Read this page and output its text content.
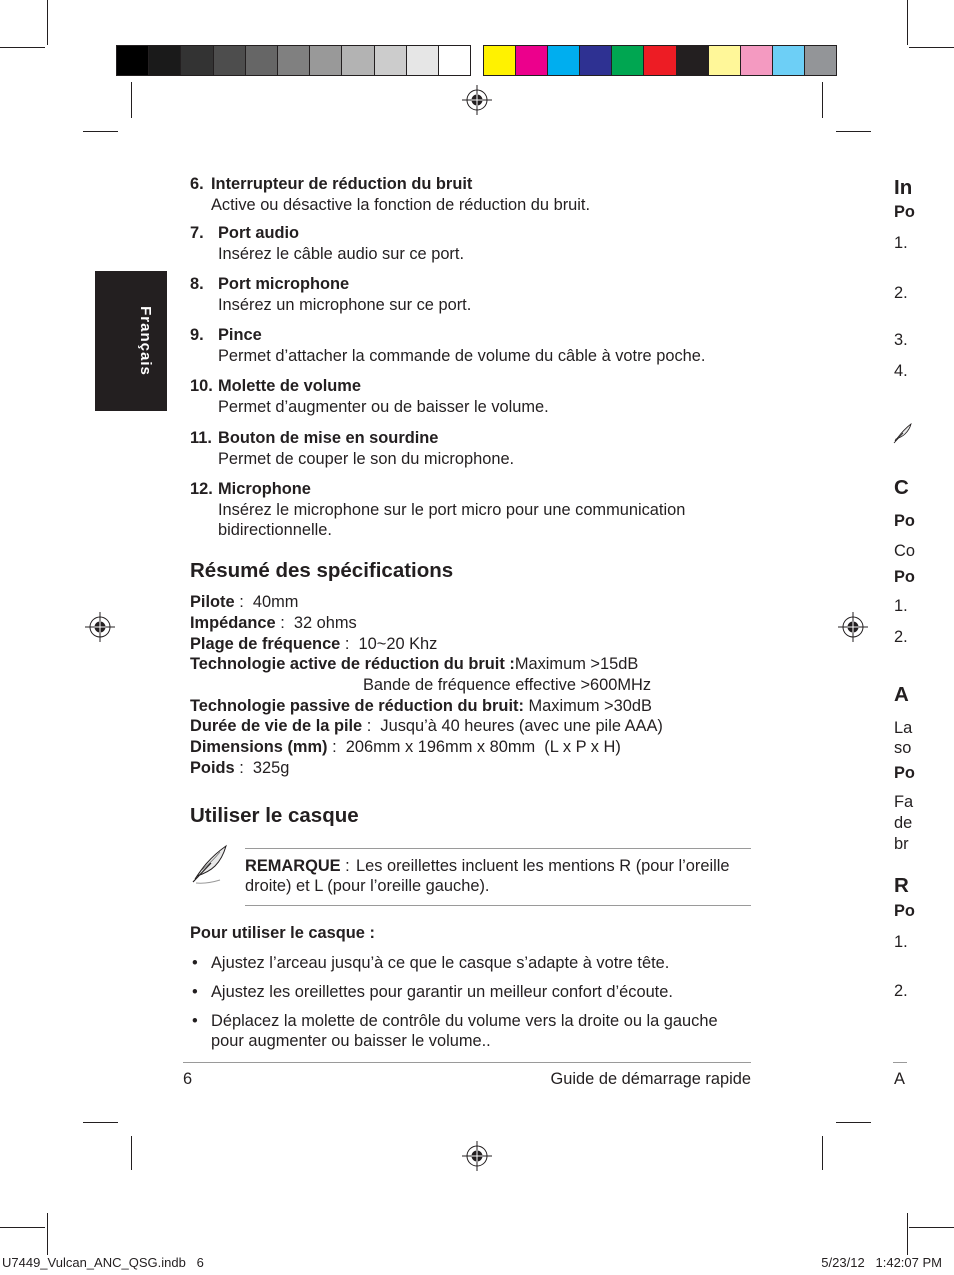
Français
6. Interrupteur de réduction du bruit
Active ou désactive la fonction de réduction du bruit.
7. Port audio
Insérez le câble audio sur ce port.
8. Port microphone
Insérez un microphone sur ce port.
9. Pince
Permet d’attacher la commande de volume du câble à votre poche.
10. Molette de volume
Permet d’augmenter ou de baisser le volume.
11. Bouton de mise en sourdine
Permet de couper le son du microphone.
12. Microphone
Insérez le microphone sur le port micro pour une communication
bidirectionnelle.
Résumé des spécifications
Pilote :  40mm
Impédance :  32 ohms
Plage de fréquence :  10~20 Khz
Technologie active de réduction du bruit :Maximum >15dB
Bande de fréquence effective >600MHz
Technologie passive de réduction du bruit: Maximum >30dB
Durée de vie de la pile :  Jusqu’à 40 heures (avec une pile AAA)
Dimensions (mm) :  206mm x 196mm x 80mm  (L x P x H)
Poids :  325g
Utiliser le casque
REMARQUE : Les oreillettes incluent les mentions R (pour l’oreille
droite) et L (pour l’oreille gauche).
Pour utiliser le casque :
• Ajustez l’arceau jusqu’à ce que le casque s’adapte à votre tête.
• Ajustez les oreillettes pour garantir un meilleur confort d’écoute.
• Déplacez la molette de contrôle du volume vers la droite ou la gauche
pour augmenter ou baisser le volume..
6	Guide de démarrage rapide
In
Po
1.
2.
3.
4.
C
Po
Co
Po
1.
2.
A
La
so
Po
Fa
de
br
R
Po
1.
2.
A
U7449_Vulcan_ANC_QSG.indb   6	5/23/12   1:42:07 PM
